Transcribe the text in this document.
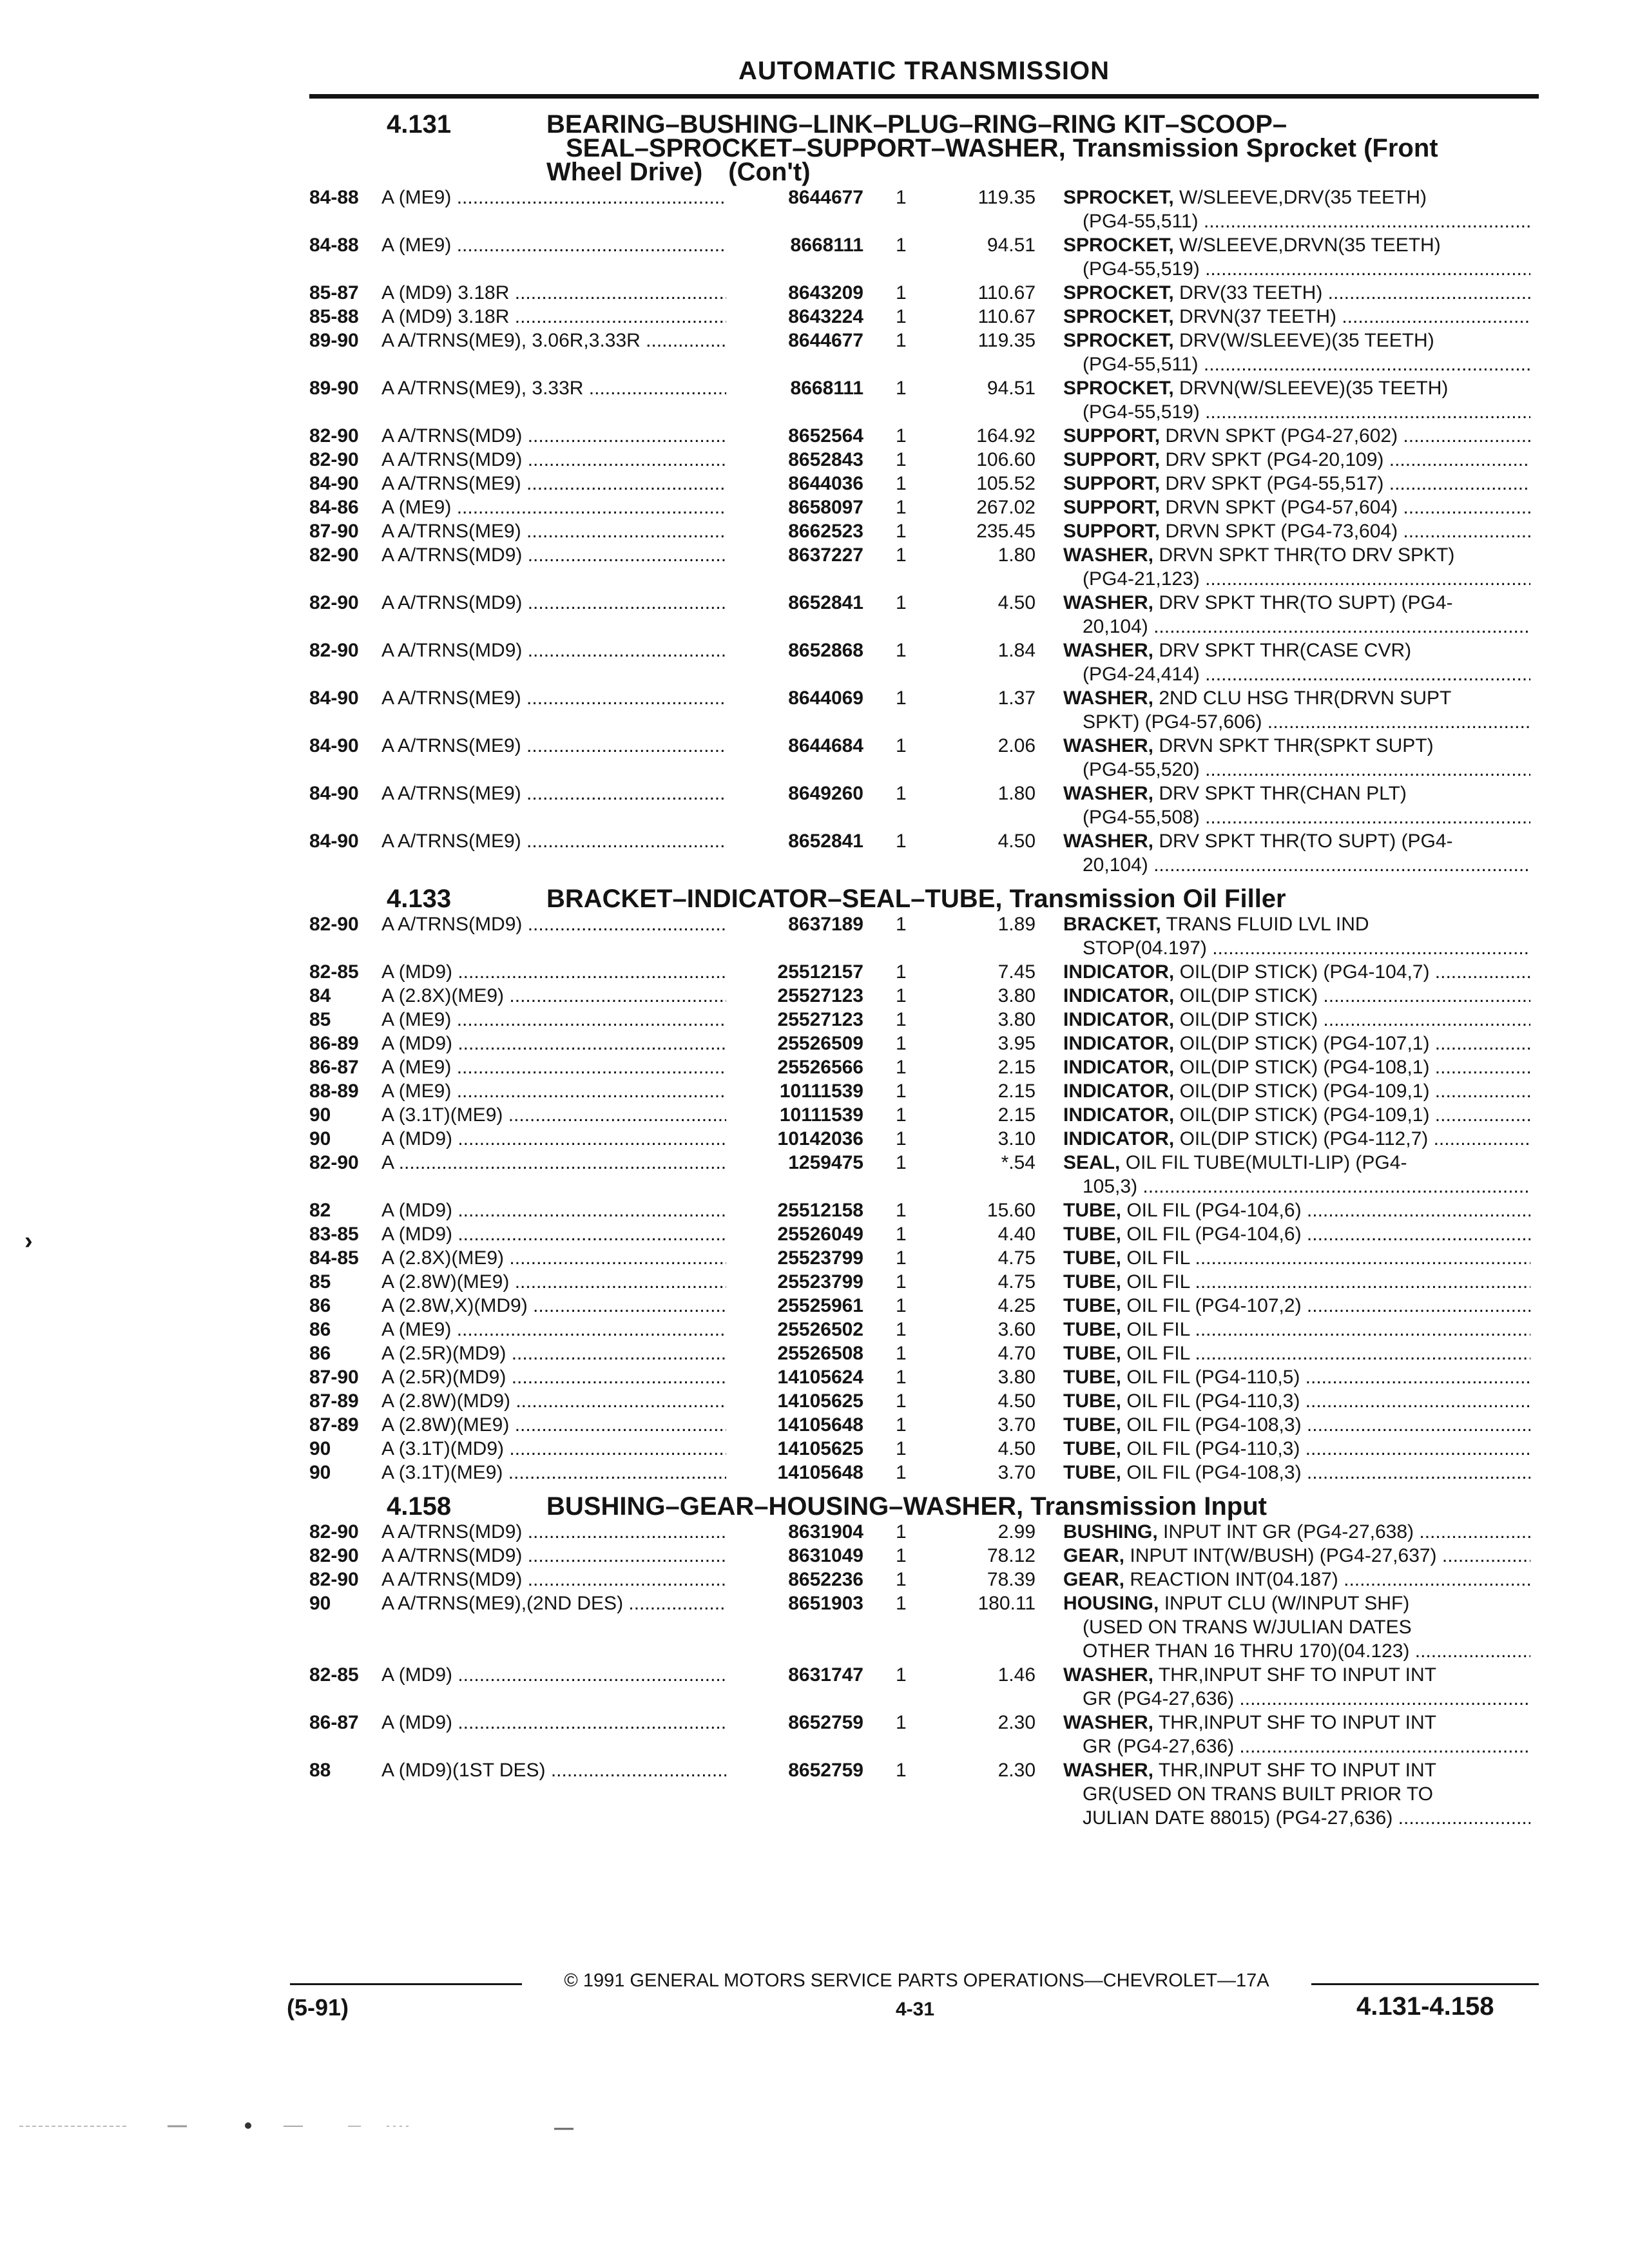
AUTOMATIC TRANSMISSION
›
4.131	BEARING–BUSHING–LINK–PLUG–RING–RING KIT–SCOOP–
SEAL–SPROCKET–SUPPORT–WASHER, Transmission Sprocket (Front
Wheel Drive) (Con't)
84-88 A (ME9) .....	8644677 1	119.35 SPROCKET, W/SLEEVE,DRV(35 TEETH)
(PG4-55,511) .....
84-88 A (ME9) .....	8668111 1	94.51 SPROCKET, W/SLEEVE,DRVN(35 TEETH)
(PG4-55,519) .....
85-87 A (MD9) 3.18R .....	8643209 1	110.67 SPROCKET, DRV(33 TEETH) .....
85-88 A (MD9) 3.18R .....	8643224 1	110.67 SPROCKET, DRVN(37 TEETH) .....
89-90 A A/TRNS(ME9), 3.06R,3.33R .....	8644677 1	119.35 SPROCKET, DRV(W/SLEEVE)(35 TEETH)
(PG4-55,511) .....
89-90 A A/TRNS(ME9), 3.33R .....	8668111 1	94.51 SPROCKET, DRVN(W/SLEEVE)(35 TEETH)
(PG4-55,519) .....
82-90 A A/TRNS(MD9) .....	8652564 1	164.92 SUPPORT, DRVN SPKT (PG4-27,602) .....
82-90 A A/TRNS(MD9) .....	8652843 1	106.60 SUPPORT, DRV SPKT (PG4-20,109) .....
84-90 A A/TRNS(ME9) .....	8644036 1	105.52 SUPPORT, DRV SPKT (PG4-55,517) .....
84-86 A (ME9) .....	8658097 1	267.02 SUPPORT, DRVN SPKT (PG4-57,604) .....
87-90 A A/TRNS(ME9) .....	8662523 1	235.45 SUPPORT, DRVN SPKT (PG4-73,604) .....
82-90 A A/TRNS(MD9) .....	8637227 1	1.80 WASHER, DRVN SPKT THR(TO DRV SPKT)
(PG4-21,123) .....
82-90 A A/TRNS(MD9) .....	8652841 1	4.50 WASHER, DRV SPKT THR(TO SUPT) (PG4-
20,104) .....
82-90 A A/TRNS(MD9) .....	8652868 1	1.84 WASHER, DRV SPKT THR(CASE CVR)
(PG4-24,414) .....
84-90 A A/TRNS(ME9) .....	8644069 1	1.37 WASHER, 2ND CLU HSG THR(DRVN SUPT
SPKT) (PG4-57,606) .....
84-90 A A/TRNS(ME9) .....	8644684 1	2.06 WASHER, DRVN SPKT THR(SPKT SUPT)
(PG4-55,520) .....
84-90 A A/TRNS(ME9) .....	8649260 1	1.80 WASHER, DRV SPKT THR(CHAN PLT)
(PG4-55,508) .....
84-90 A A/TRNS(ME9) .....	8652841 1	4.50 WASHER, DRV SPKT THR(TO SUPT) (PG4-
20,104) .....
4.133	BRACKET–INDICATOR–SEAL–TUBE, Transmission Oil Filler
82-90 A A/TRNS(MD9) .....	8637189 1	1.89 BRACKET, TRANS FLUID LVL IND
STOP(04.197) .....
82-85 A (MD9) .....	25512157 1	7.45 INDICATOR, OIL(DIP STICK) (PG4-104,7) .....
84	A (2.8X)(ME9) .....	25527123 1	3.80 INDICATOR, OIL(DIP STICK) .....
85	A (ME9) .....	25527123 1	3.80 INDICATOR, OIL(DIP STICK) .....
86-89 A (MD9) .....	25526509 1	3.95 INDICATOR, OIL(DIP STICK) (PG4-107,1) .....
86-87 A (ME9) .....	25526566 1	2.15 INDICATOR, OIL(DIP STICK) (PG4-108,1) .....
88-89 A (ME9) .....	10111539 1	2.15 INDICATOR, OIL(DIP STICK) (PG4-109,1) .....
90	A (3.1T)(ME9) .....	10111539 1	2.15 INDICATOR, OIL(DIP STICK) (PG4-109,1) .....
90	A (MD9) .....	10142036 1	3.10 INDICATOR, OIL(DIP STICK) (PG4-112,7) .....
82-90 A .....	1259475 1	*.54 SEAL, OIL FIL TUBE(MULTI-LIP) (PG4-
105,3) .....
82	A (MD9) .....	25512158 1	15.60 TUBE, OIL FIL (PG4-104,6) .....
83-85 A (MD9) .....	25526049 1	4.40 TUBE, OIL FIL (PG4-104,6) .....
84-85 A (2.8X)(ME9) .....	25523799 1	4.75 TUBE, OIL FIL .....
85	A (2.8W)(ME9) .....	25523799 1	4.75 TUBE, OIL FIL .....
86	A (2.8W,X)(MD9) .....	25525961 1	4.25 TUBE, OIL FIL (PG4-107,2) .....
86	A (ME9) .....	25526502 1	3.60 TUBE, OIL FIL .....
86	A (2.5R)(MD9) .....	25526508 1	4.70 TUBE, OIL FIL .....
87-90 A (2.5R)(MD9) .....	14105624 1	3.80 TUBE, OIL FIL (PG4-110,5) .....
87-89 A (2.8W)(MD9) .....	14105625 1	4.50 TUBE, OIL FIL (PG4-110,3) .....
87-89 A (2.8W)(ME9) .....	14105648 1	3.70 TUBE, OIL FIL (PG4-108,3) .....
90	A (3.1T)(MD9) .....	14105625 1	4.50 TUBE, OIL FIL (PG4-110,3) .....
90	A (3.1T)(ME9) .....	14105648 1	3.70 TUBE, OIL FIL (PG4-108,3) .....
4.158	BUSHING–GEAR–HOUSING–WASHER, Transmission Input
82-90 A A/TRNS(MD9) .....	8631904 1	2.99 BUSHING, INPUT INT GR (PG4-27,638) .....
82-90 A A/TRNS(MD9) .....	8631049 1	78.12 GEAR, INPUT INT(W/BUSH) (PG4-27,637) .....
82-90 A A/TRNS(MD9) .....	8652236 1	78.39 GEAR, REACTION INT(04.187) .....
90	A A/TRNS(ME9),(2ND DES) .....	8651903 1	180.11 HOUSING, INPUT CLU (W/INPUT SHF)
(USED ON TRANS W/JULIAN DATES
OTHER THAN 16 THRU 170)(04.123) .....
82-85 A (MD9) .....	8631747 1	1.46 WASHER, THR,INPUT SHF TO INPUT INT
GR (PG4-27,636) .....
86-87 A (MD9) .....	8652759 1	2.30 WASHER, THR,INPUT SHF TO INPUT INT
GR (PG4-27,636) .....
88	A (MD9)(1ST DES) .....	8652759 1	2.30 WASHER, THR,INPUT SHF TO INPUT INT
GR(USED ON TRANS BUILT PRIOR TO
JULIAN DATE 88015) (PG4-27,636) .....
© 1991 GENERAL MOTORS SERVICE PARTS OPERATIONS—CHEVROLET—17A
(5-91)	4-31	4.131-4.158
